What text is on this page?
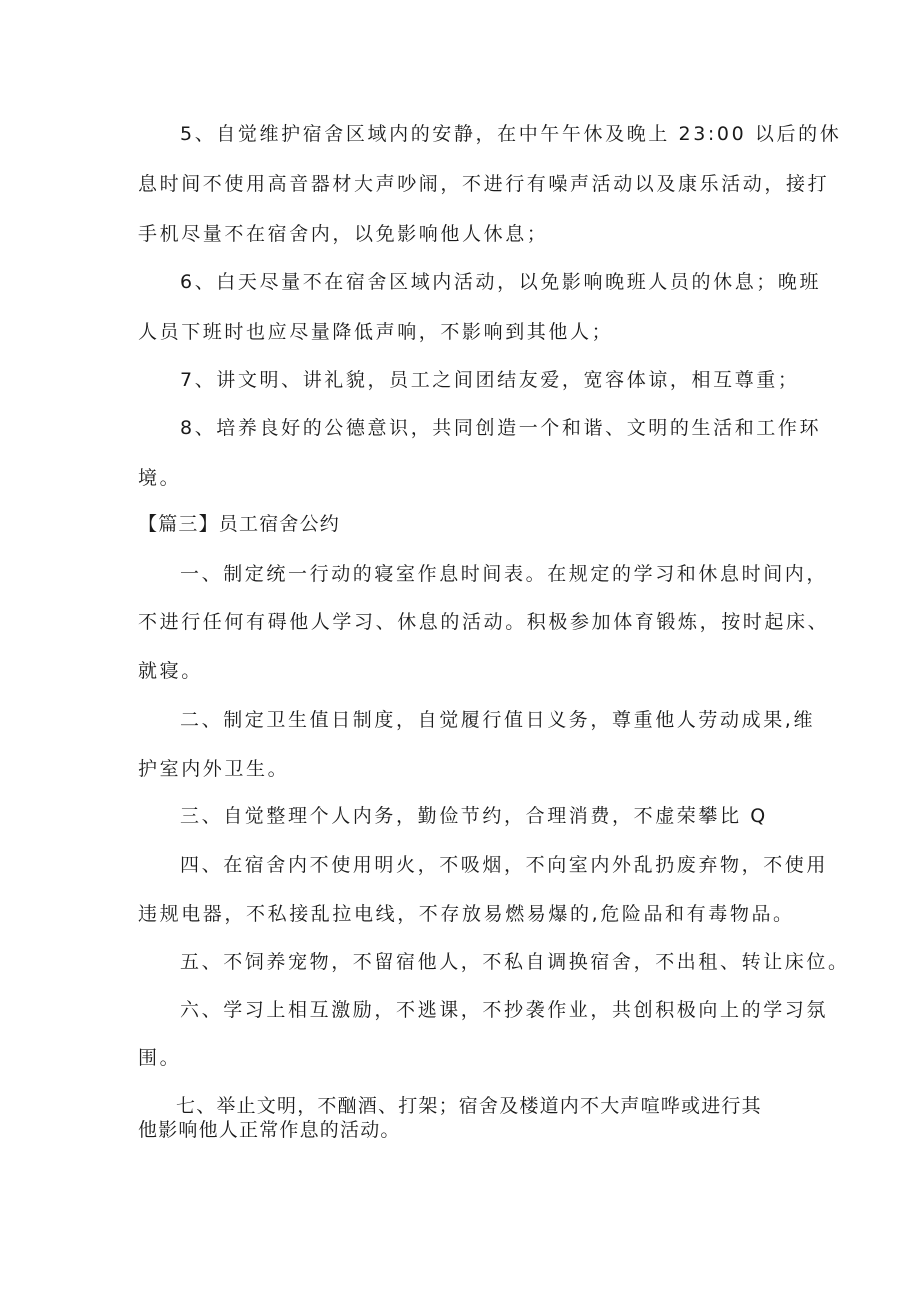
5、自觉维护宿舍区域内的安静，在中午午休及晚上 23:00 以后的休
息时间不使用高音器材大声吵闹，不进行有噪声活动以及康乐活动，接打
手机尽量不在宿舍内，以免影响他人休息；
6、白天尽量不在宿舍区域内活动，以免影响晚班人员的休息；晚班
人员下班时也应尽量降低声响，不影响到其他人；
7、讲文明、讲礼貌，员工之间团结友爱，宽容体谅，相互尊重；
8、培养良好的公德意识，共同创造一个和谐、文明的生活和工作环
境。
【篇三】员工宿舍公约
一、制定统一行动的寝室作息时间表。在规定的学习和休息时间内，
不进行任何有碍他人学习、休息的活动。积极参加体育锻炼，按时起床、
就寝。
二、制定卫生值日制度，自觉履行值日义务，尊重他人劳动成果,维
护室内外卫生。
三、自觉整理个人内务，勤俭节约，合理消费，不虚荣攀比 Q
四、在宿舍内不使用明火，不吸烟，不向室内外乱扔废弃物，不使用
违规电器，不私接乱拉电线，不存放易燃易爆的,危险品和有毒物品。
五、不饲养宠物，不留宿他人，不私自调换宿舍，不出租、转让床位。
六、学习上相互激励，不逃课，不抄袭作业，共创积极向上的学习氛
围。
七、举止文明，不酗酒、打架；宿舍及楼道内不大声喧哗或进行其
他影响他人正常作息的活动。
